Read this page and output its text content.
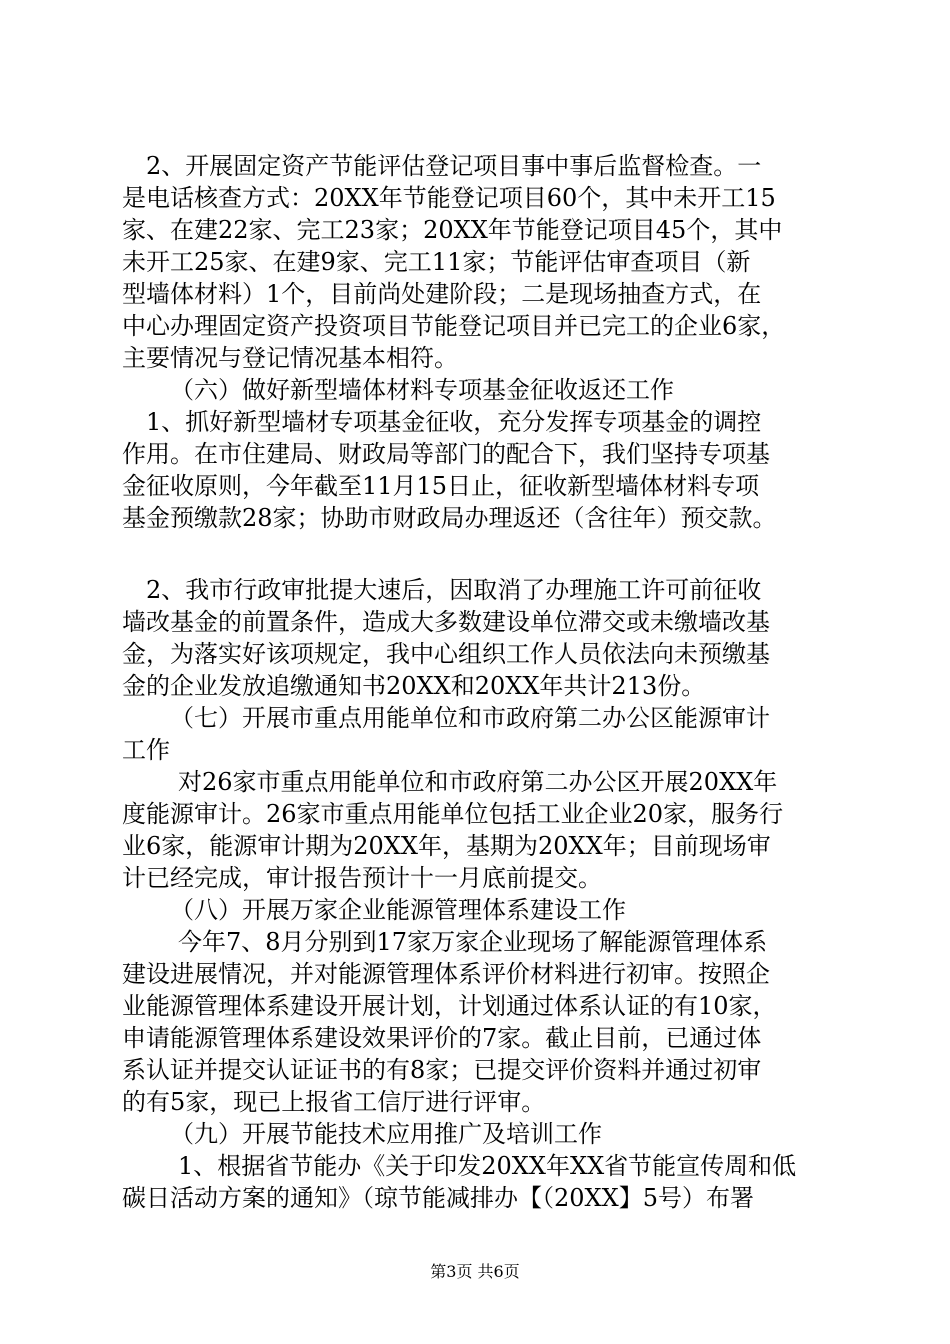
2、开展固定资产节能评估登记项目事中事后监督检查。一
是电话核查方式：20XX年节能登记项目60个，其中未开工15
家、在建22家、完工23家；20XX年节能登记项目45个，其中
未开工25家、在建9家、完工11家；节能评估审查项目（新
型墙体材料）1个，目前尚处建阶段；二是现场抽查方式，在
中心办理固定资产投资项目节能登记项目并已完工的企业6家，
主要情况与登记情况基本相符。
（六）做好新型墙体材料专项基金征收返还工作
1、抓好新型墙材专项基金征收，充分发挥专项基金的调控
作用。在市住建局、财政局等部门的配合下，我们坚持专项基
金征收原则，今年截至11月15日止，征收新型墙体材料专项
基金预缴款28家；协助市财政局办理返还（含往年）预交款。
2、我市行政审批提大速后，因取消了办理施工许可前征收
墙改基金的前置条件，造成大多数建设单位滞交或未缴墙改基
金，为落实好该项规定，我中心组织工作人员依法向未预缴基
金的企业发放追缴通知书20XX和20XX年共计213份。
（七）开展市重点用能单位和市政府第二办公区能源审计
工作
对26家市重点用能单位和市政府第二办公区开展20XX年
度能源审计。26家市重点用能单位包括工业企业20家，服务行
业6家，能源审计期为20XX年，基期为20XX年；目前现场审
计已经完成，审计报告预计十一月底前提交。
（八）开展万家企业能源管理体系建设工作
今年7、8月分别到17家万家企业现场了解能源管理体系
建设进展情况，并对能源管理体系评价材料进行初审。按照企
业能源管理体系建设开展计划，计划通过体系认证的有10家，
申请能源管理体系建设效果评价的7家。截止目前，已通过体
系认证并提交认证证书的有8家；已提交评价资料并通过初审
的有5家，现已上报省工信厅进行评审。
（九）开展节能技术应用推广及培训工作
1、根据省节能办《关于印发20XX年XX省节能宣传周和低
碳日活动方案的通知》（琼节能减排办【（20XX】5号）布署
第3页 共6页
